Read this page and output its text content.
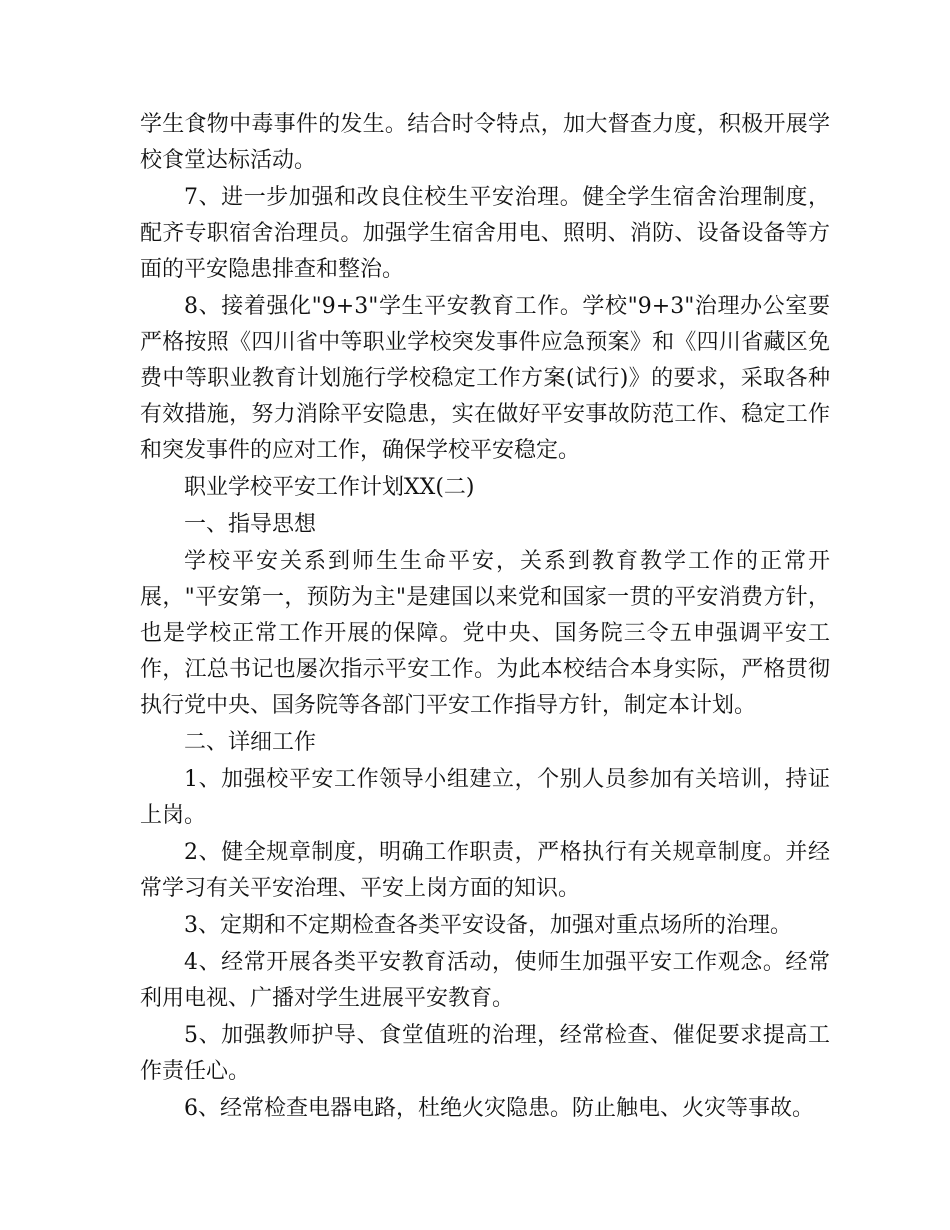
学生食物中毒事件的发生。结合时令特点，加大督查力度，积极开展学校食堂达标活动。

7、进一步加强和改良住校生平安治理。健全学生宿舍治理制度，配齐专职宿舍治理员。加强学生宿舍用电、照明、消防、设备设备等方面的平安隐患排查和整治。

8、接着强化"9+3"学生平安教育工作。学校"9+3"治理办公室要严格按照《四川省中等职业学校突发事件应急预案》和《四川省藏区免费中等职业教育计划施行学校稳定工作方案(试行)》的要求，采取各种有效措施，努力消除平安隐患，实在做好平安事故防范工作、稳定工作和突发事件的应对工作，确保学校平安稳定。

职业学校平安工作计划XX(二)

一、指导思想

学校平安关系到师生生命平安，关系到教育教学工作的正常开展，"平安第一，预防为主"是建国以来党和国家一贯的平安消费方针，也是学校正常工作开展的保障。党中央、国务院三令五申强调平安工作，江总书记也屡次指示平安工作。为此本校结合本身实际，严格贯彻执行党中央、国务院等各部门平安工作指导方针，制定本计划。

二、详细工作

1、加强校平安工作领导小组建立，个别人员参加有关培训，持证上岗。

2、健全规章制度，明确工作职责，严格执行有关规章制度。并经常学习有关平安治理、平安上岗方面的知识。

3、定期和不定期检查各类平安设备，加强对重点场所的治理。

4、经常开展各类平安教育活动，使师生加强平安工作观念。经常利用电视、广播对学生进展平安教育。

5、加强教师护导、食堂值班的治理，经常检查、催促要求提高工作责任心。

6、经常检查电器电路，杜绝火灾隐患。防止触电、火灾等事故。
